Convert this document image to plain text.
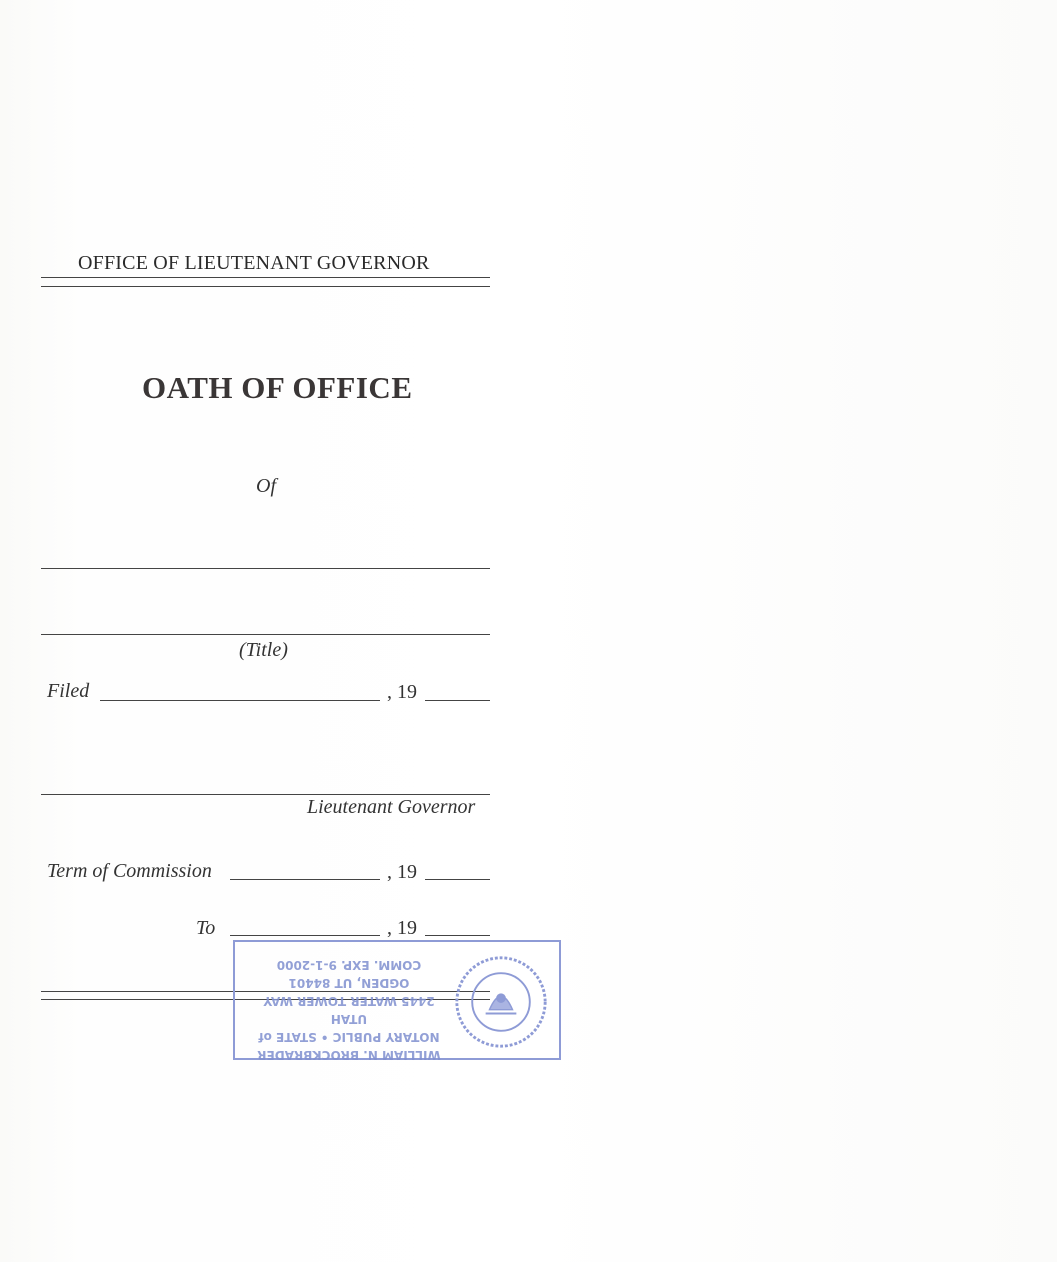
OFFICE OF LIEUTENANT GOVERNOR
OATH OF OFFICE
Of
(Title)
Filed	, 19
Lieutenant Governor
Term of Commission	, 19
To	, 19
WILLIAM N. BROCKBRADER
NOTARY PUBLIC • STATE of UTAH
2445 WATER TOWER WAY
OGDEN, UT 84401
COMM. EXP. 9-1-2000
